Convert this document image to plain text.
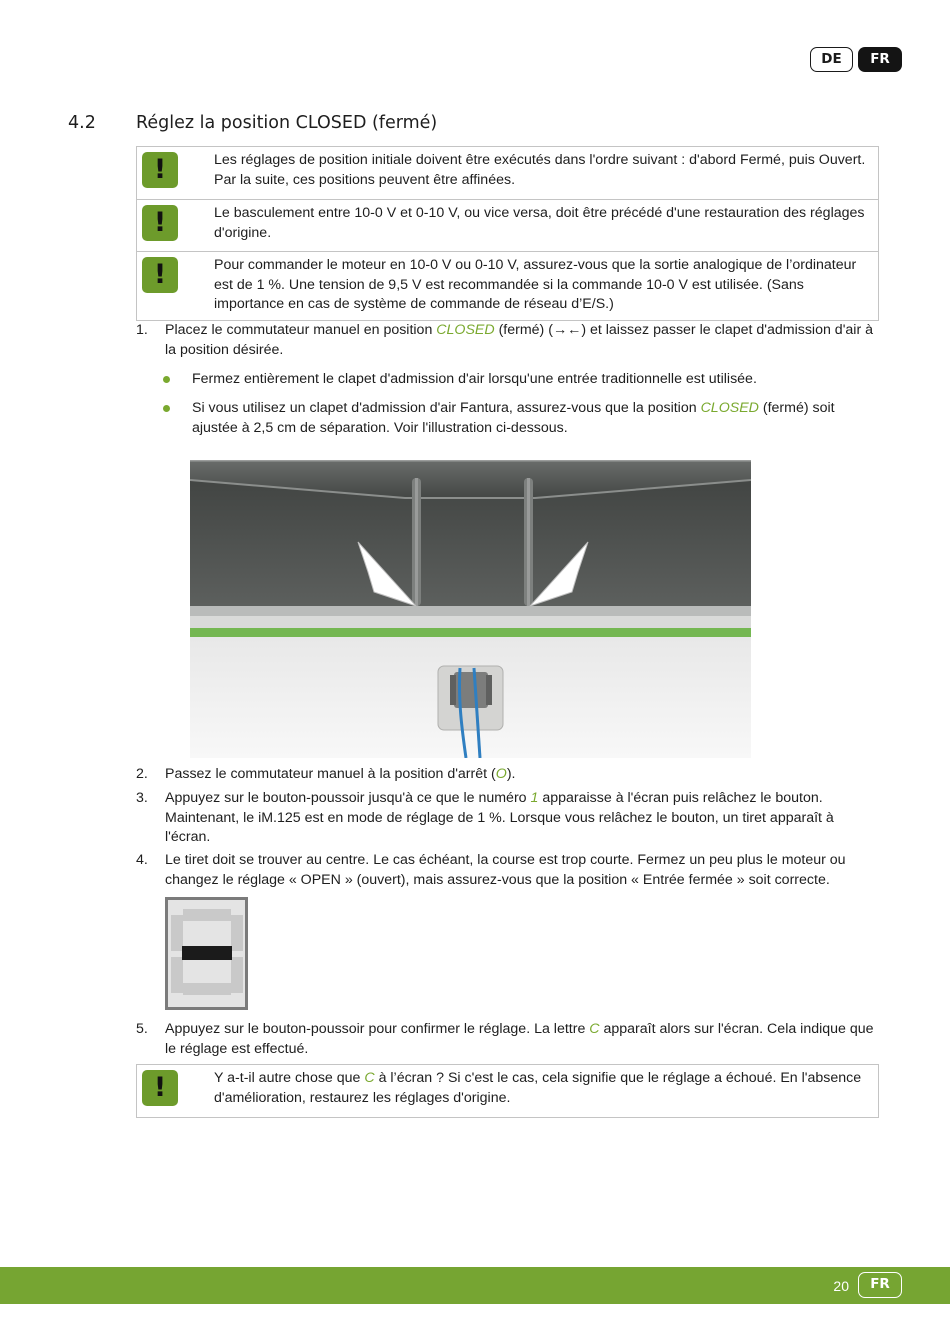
DE	FR
4.2 Réglez la position CLOSED (fermé)
!	Les réglages de position initiale doivent être exécutés dans l'ordre suivant : d'abord Fermé, puis Ouvert. Par la suite, ces positions peuvent être affinées.
!	Le basculement entre 10-0 V et 0-10 V, ou vice versa, doit être précédé d'une restauration des réglages d'origine.
!	Pour commander le moteur en 10-0 V ou 0-10 V, assurez-vous que la sortie analogique de l’ordinateur est de 1 %. Une tension de 9,5 V est recommandée si la commande 10-0 V est utilisée. (Sans importance en cas de système de commande de réseau d’E/S.)
1. Placez le commutateur manuel en position CLOSED (fermé) (→←) et laissez passer le clapet d'admission d'air à la position désirée.
Fermez entièrement le clapet d'admission d'air lorsqu'une entrée traditionnelle est utilisée.
Si vous utilisez un clapet d'admission d'air Fantura, assurez-vous que la position CLOSED (fermé) soit ajustée à 2,5 cm de séparation. Voir l'illustration ci-dessous.
2. Passez le commutateur manuel à la position d'arrêt (O).
3. Appuyez sur le bouton-poussoir jusqu'à ce que le numéro 1 apparaisse à l'écran puis relâchez le bouton. Maintenant, le iM.125 est en mode de réglage de 1 %. Lorsque vous relâchez le bouton, un tiret apparaît à l'écran.
4. Le tiret doit se trouver au centre. Le cas échéant, la course est trop courte. Fermez un peu plus le moteur ou changez le réglage « OPEN » (ouvert), mais assurez-vous que la position « Entrée fermée » soit correcte.
5. Appuyez sur le bouton-poussoir pour confirmer le réglage. La lettre C apparaît alors sur l'écran. Cela indique que le réglage est effectué.
!	Y a-t-il autre chose que C à l’écran ? Si c'est le cas, cela signifie que le réglage a échoué. En l'absence d'amélioration, restaurez les réglages d'origine.
20	FR
